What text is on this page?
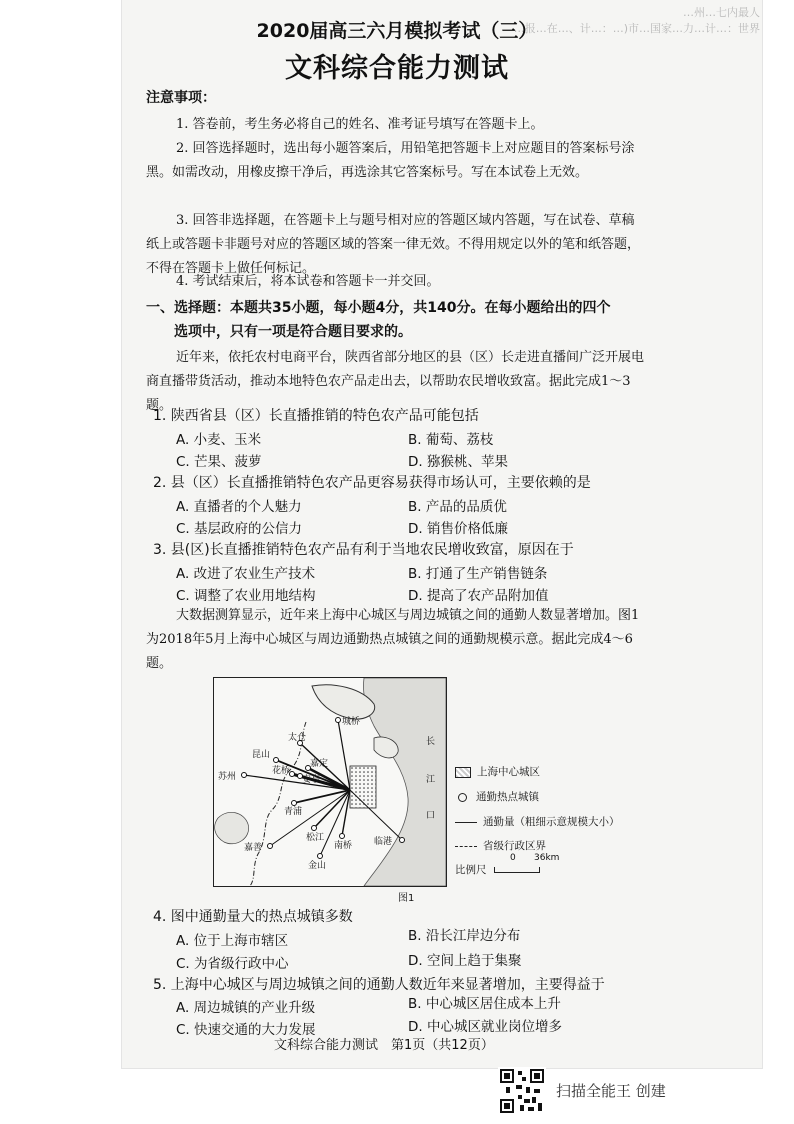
…州…七内最人
…报…在…、计…：…)市…国家…力…计…：世界
2020届高三六月模拟考试（三）
文科综合能力测试
注意事项：

1. 答卷前，考生务必将自己的姓名、准考证号填写在答题卡上。

2. 回答选择题时，选出每小题答案后，用铅笔把答题卡上对应题目的答案标号涂黑。如需改动，用橡皮擦干净后，再选涂其它答案标号。写在本试卷上无效。

3. 回答非选择题，在答题卡上与题号相对应的答题区域内答题，写在试卷、草稿纸上或答题卡非题号对应的答题区域的答案一律无效。不得用规定以外的笔和纸答题，不得在答题卡上做任何标记。

4. 考试结束后，将本试卷和答题卡一并交回。

一、选择题：本题共35小题，每小题4分，共140分。在每小题给出的四个
选项中，只有一项是符合题目要求的。

近年来，依托农村电商平台，陕西省部分地区的县（区）长走进直播间广泛开展电商直播带货活动，推动本地特色农产品走出去，以帮助农民增收致富。据此完成1～3题。

1. 陕西省县（区）长直播推销的特色农产品可能包括
A. 小麦、玉米	B. 葡萄、荔枝
C. 芒果、菠萝	D. 猕猴桃、苹果
2. 县（区）长直播推销特色农产品更容易获得市场认可，主要依赖的是
A. 直播者的个人魅力	B. 产品的品质优
C. 基层政府的公信力	D. 销售价格低廉
3. 县(区)长直播推销特色农产品有利于当地农民增收致富，原因在于
A. 改进了农业生产技术	B. 打通了生产销售链条
C. 调整了农业用地结构	D. 提高了农产品附加值

大数据测算显示，近年来上海中心城区与周边城镇之间的通勤人数显著增加。图1为2018年5月上海中心城区与周边通勤热点城镇之间的通勤规模示意。据此完成4～6题。

城桥
太仓
昆山
苏州
花桥
嘉定
安亭
青浦
松江
南桥 临港
嘉善
金山
长
江
口
上海中心城区
通勤热点城镇
通勤量（粗细示意规模大小）
省级行政区界
比例尺
0 36km
图1
4. 图中通勤量大的热点城镇多数
A. 位于上海市辖区	B. 沿长江岸边分布
C. 为省级行政中心	D. 空间上趋于集聚
5. 上海中心城区与周边城镇之间的通勤人数近年来显著增加，主要得益于
A. 周边城镇的产业升级	B. 中心城区居住成本上升
C. 快速交通的大力发展	D. 中心城区就业岗位增多
文科综合能力测试　第1页（共12页）
扫描全能王 创建
